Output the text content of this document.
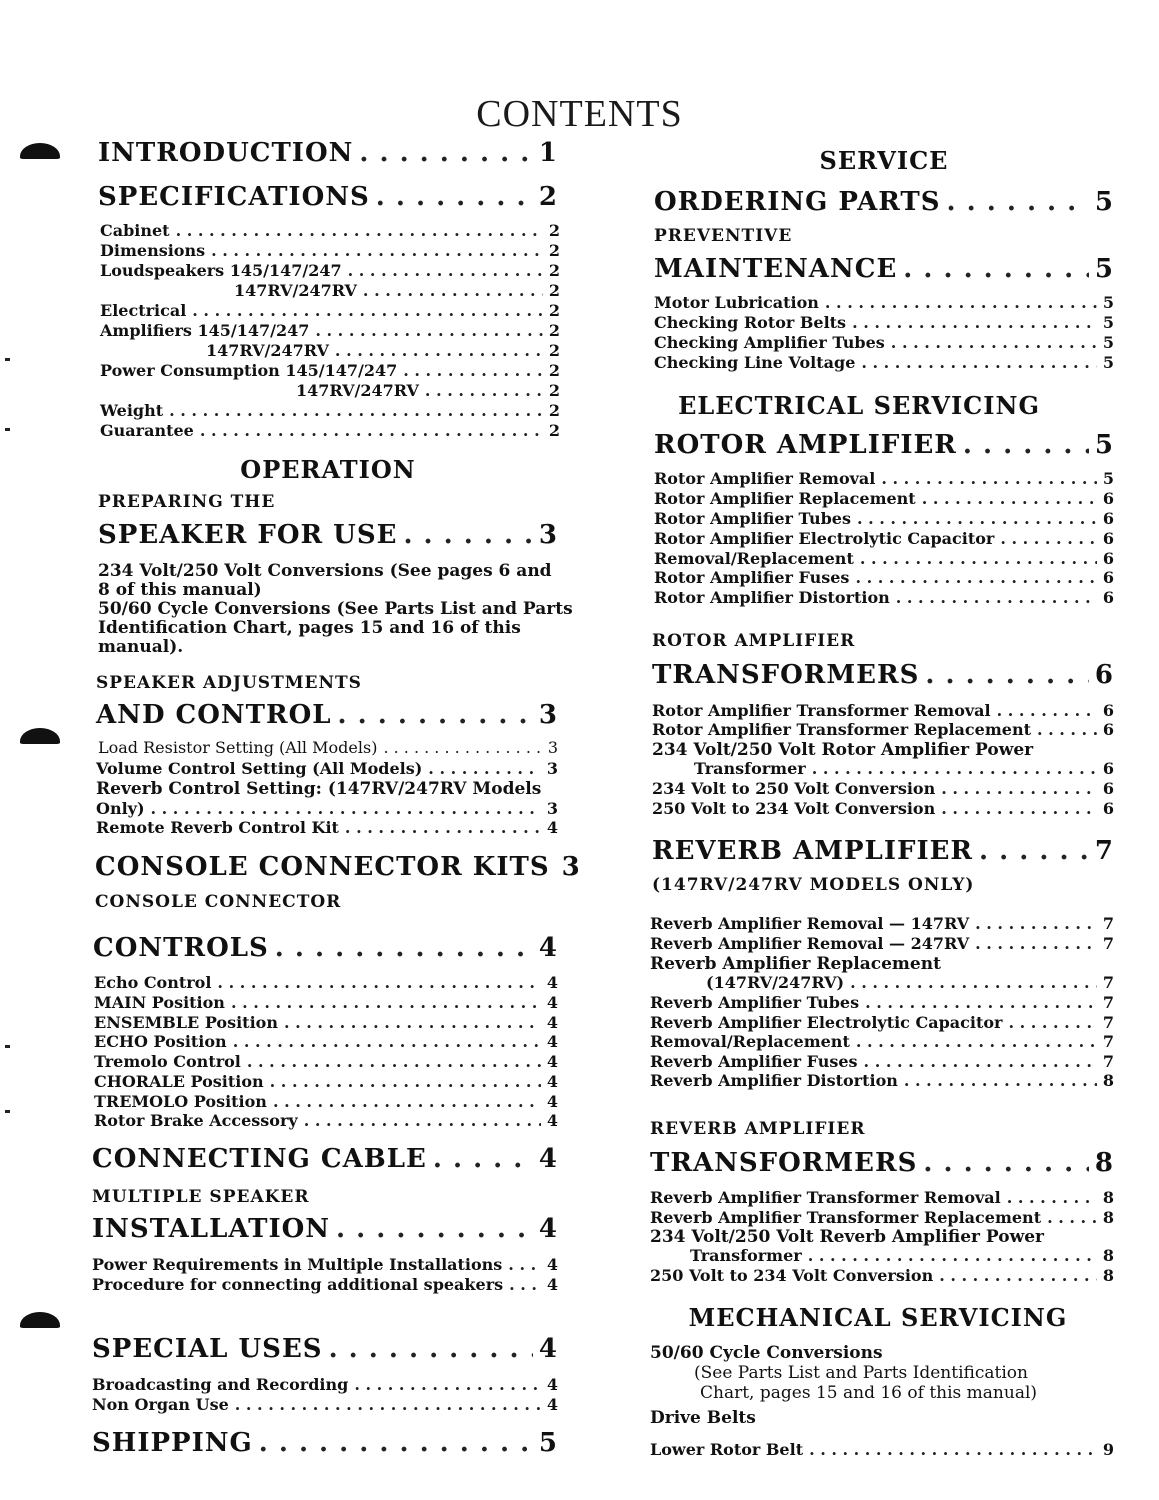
CONTENTS
INTRODUCTION . . .	1
SPECIFICATIONS . . .	2
Cabinet . . .	2
Dimensions . . .	2
Loudspeakers 145/147/247 . . .	2
147RV/247RV . . .	2
Electrical . . .	2
Amplifiers 145/147/247 . . .	2
147RV/247RV . . .	2
Power Consumption 145/147/247 . . .	2
147RV/247RV . . .	2
Weight . . .	2
Guarantee . . .	2
OPERATION
PREPARING THE
SPEAKER FOR USE . . .	3
234 Volt/250 Volt Conversions (See pages 6 and
8 of this manual)
50/60 Cycle Conversions (See Parts List and Parts
Identification Chart, pages 15 and 16 of this
manual).
SPEAKER ADJUSTMENTS
AND CONTROL . . .	3
Load Resistor Setting (All Models) . . .	3
Volume Control Setting (All Models) . . .	3
Reverb Control Setting: (147RV/247RV Models
Only) . . .	3
Remote Reverb Control Kit . . .	4
CONSOLE CONNECTOR KITS 3
CONSOLE CONNECTOR
CONTROLS . . .	4
Echo Control . . .	4
MAIN Position . . .	4
ENSEMBLE Position . . .	4
ECHO Position . . .	4
Tremolo Control . . .	4
CHORALE Position . . .	4
TREMOLO Position . . .	4
Rotor Brake Accessory . . .	4
CONNECTING CABLE . . .	4
MULTIPLE SPEAKER
INSTALLATION . . .	4
Power Requirements in Multiple Installations . . .	4
Procedure for connecting additional speakers . . .	4
SPECIAL USES . . .	4
Broadcasting and Recording . . .	4
Non Organ Use . . .	4
SHIPPING . . .	5
SERVICE
ORDERING PARTS . . .	5
PREVENTIVE
MAINTENANCE . . .	5
Motor Lubrication . . .	5
Checking Rotor Belts . . .	5
Checking Amplifier Tubes . . .	5
Checking Line Voltage . . .	5
ELECTRICAL SERVICING
ROTOR AMPLIFIER . . .	5
Rotor Amplifier Removal . . .	5
Rotor Amplifier Replacement . . .	6
Rotor Amplifier Tubes . . .	6
Rotor Amplifier Electrolytic Capacitor . . .	6
Removal/Replacement . . .	6
Rotor Amplifier Fuses . . .	6
Rotor Amplifier Distortion . . .	6
ROTOR AMPLIFIER
TRANSFORMERS . . .	6
Rotor Amplifier Transformer Removal . . .	6
Rotor Amplifier Transformer Replacement . . .	6
234 Volt/250 Volt Rotor Amplifier Power
Transformer . . .	6
234 Volt to 250 Volt Conversion . . .	6
250 Volt to 234 Volt Conversion . . .	6
REVERB AMPLIFIER . . .	7
(147RV/247RV MODELS ONLY)
Reverb Amplifier Removal — 147RV . . .	7
Reverb Amplifier Removal — 247RV . . .	7
Reverb Amplifier Replacement
(147RV/247RV) . . .	7
Reverb Amplifier Tubes . . .	7
Reverb Amplifier Electrolytic Capacitor . . .	7
Removal/Replacement . . .	7
Reverb Amplifier Fuses . . .	7
Reverb Amplifier Distortion . . .	8
REVERB AMPLIFIER
TRANSFORMERS . . .	8
Reverb Amplifier Transformer Removal . . .	8
Reverb Amplifier Transformer Replacement . . .	8
234 Volt/250 Volt Reverb Amplifier Power
Transformer . . .	8
250 Volt to 234 Volt Conversion . . .	8
MECHANICAL SERVICING
50/60 Cycle Conversions
(See Parts List and Parts Identification
Chart, pages 15 and 16 of this manual)
Drive Belts
Lower Rotor Belt . . .	9
